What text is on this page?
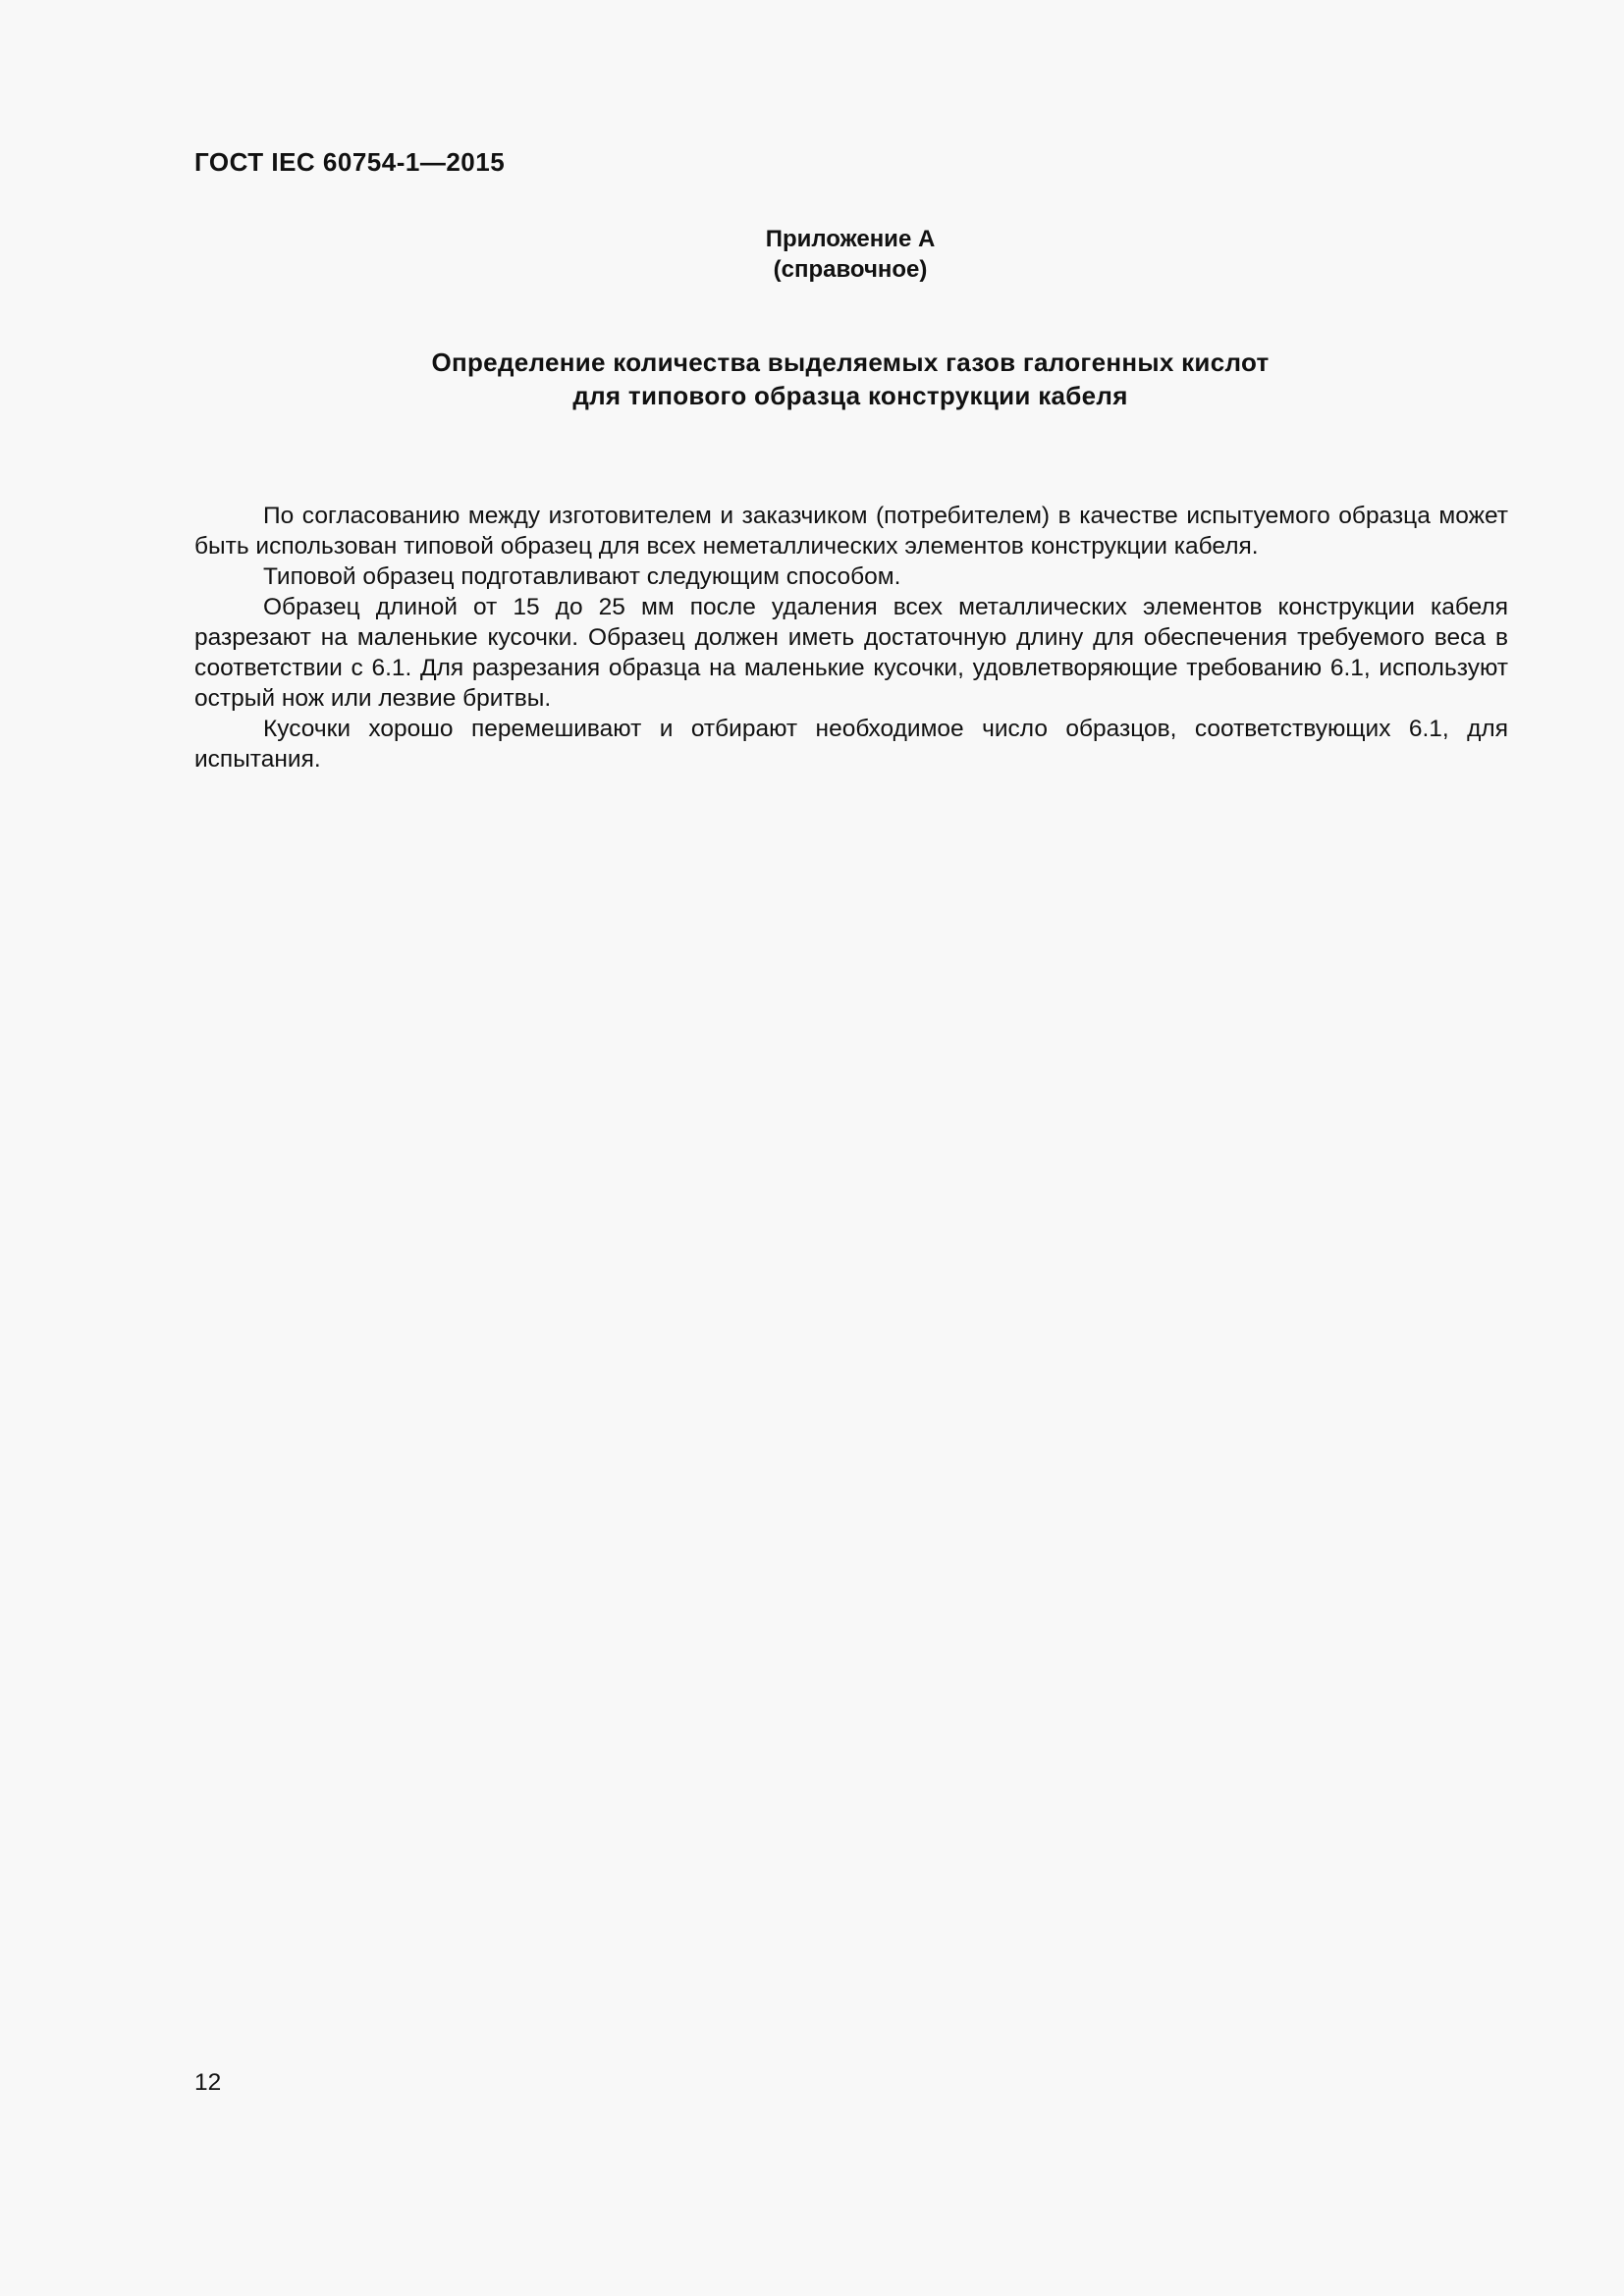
ГОСТ IEC 60754-1—2015
Приложение А
(справочное)
Определение количества выделяемых газов галогенных кислот
для типового образца конструкции кабеля

По согласованию между изготовителем и заказчиком (потребителем) в качестве испытуемого образца может быть использован типовой образец для всех неметаллических элементов конструкции кабеля.

Типовой образец подготавливают следующим способом.

Образец длиной от 15 до 25 мм после удаления всех металлических элементов конструкции кабеля разрезают на маленькие кусочки. Образец должен иметь достаточную длину для обеспечения требуемого веса в соответствии с 6.1. Для разрезания образца на маленькие кусочки, удовлетворяющие требованию 6.1, используют острый нож или лезвие бритвы.

Кусочки хорошо перемешивают и отбирают необходимое число образцов, соответствующих 6.1, для испытания.

12
